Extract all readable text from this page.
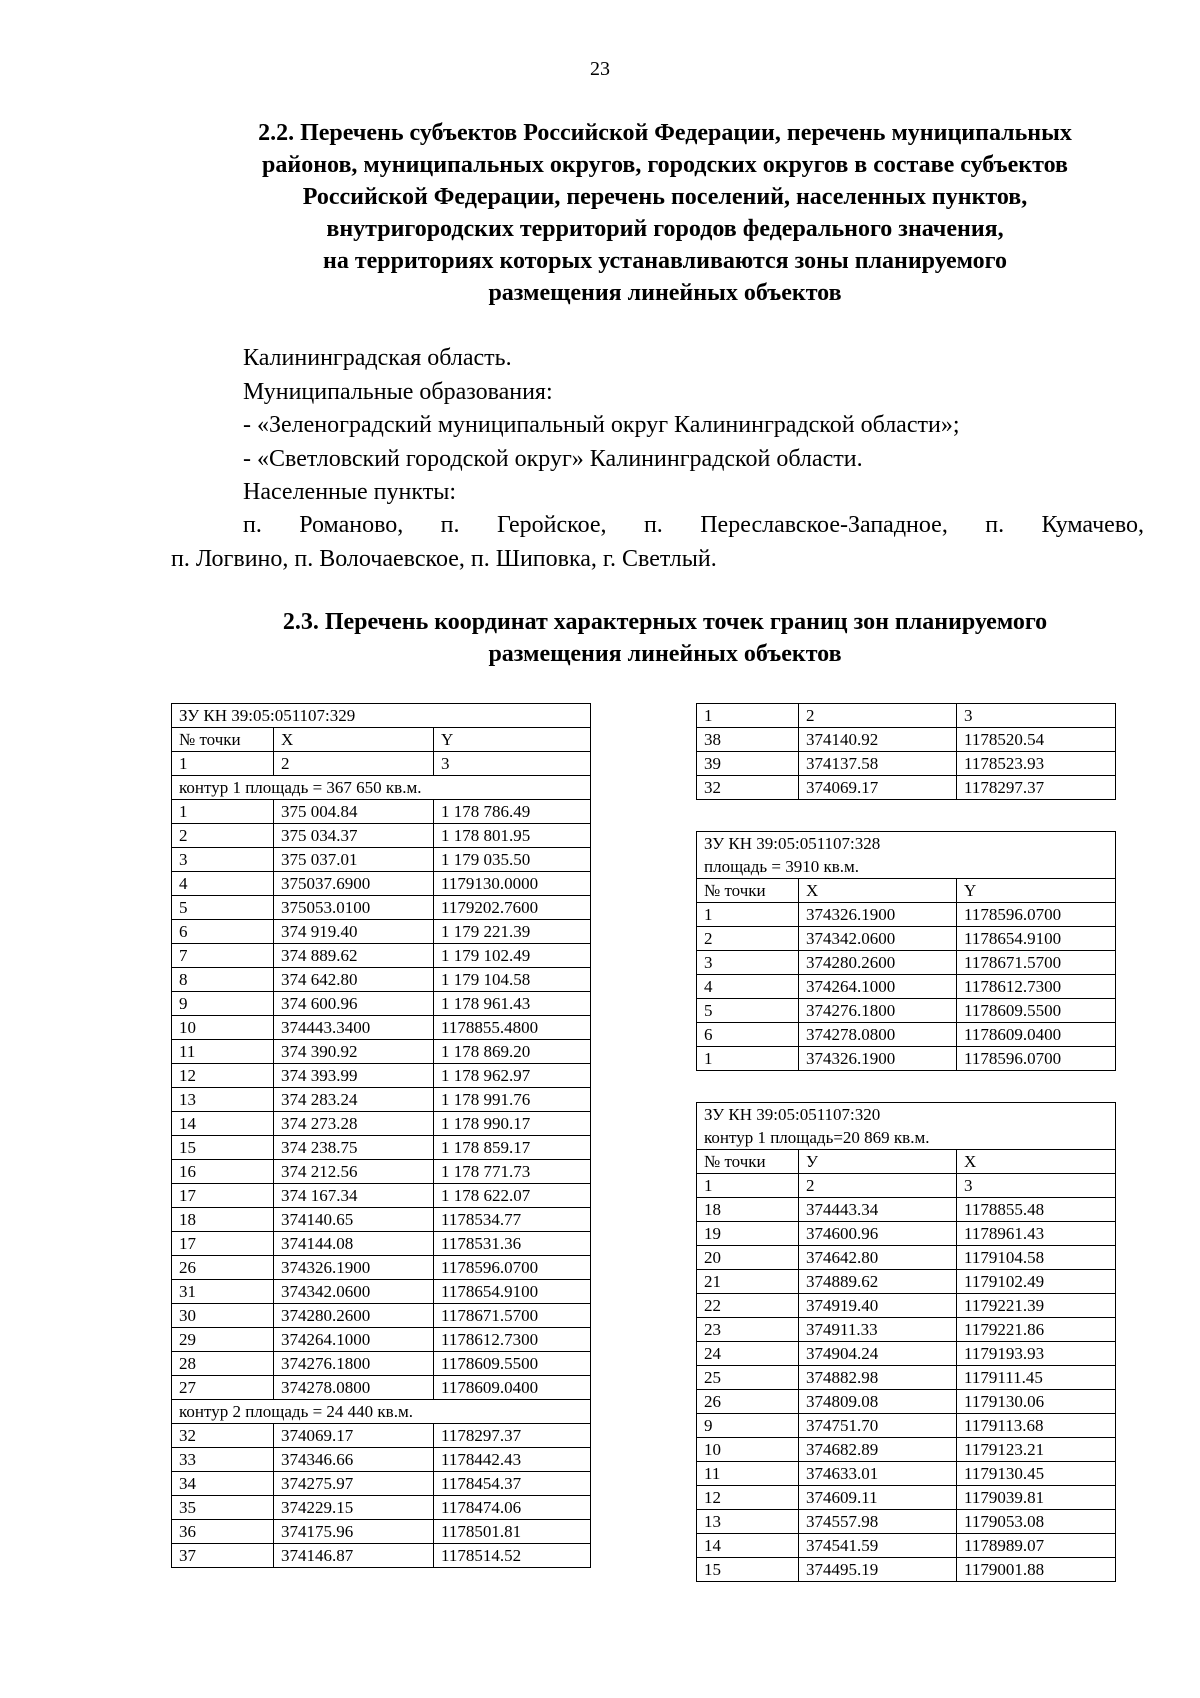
23
2.2. Перечень субъектов Российской Федерации, перечень муниципальных
районов, муниципальных округов, городских округов в составе субъектов
Российской Федерации, перечень поселений, населенных пунктов,
внутригородских территорий городов федерального значения,
на территориях которых устанавливаются зоны планируемого
размещения линейных объектов
Калининградская область.
Муниципальные образования:
- «Зеленоградский муниципальный округ Калининградской области»;
- «Светловский городской округ» Калининградской области.
Населенные пункты:
п. Романово, п. Геройское, п. Переславское-Западное, п. Кумачево,
п. Логвино, п. Волочаевское, п. Шиповка, г. Светлый.
2.3. Перечень координат характерных точек границ зон планируемого
размещения линейных объектов
ЗУ КН 39:05:051107:329		
№ точки	X	Y
1	2	3
контур 1 площадь = 367 650 кв.м.		
1	375 004.84	1 178 786.49
2	375 034.37	1 178 801.95
3	375 037.01	1 179 035.50
4	375037.6900	1179130.0000
5	375053.0100	1179202.7600
6	374 919.40	1 179 221.39
7	374 889.62	1 179 102.49
8	374 642.80	1 179 104.58
9	374 600.96	1 178 961.43
10	374443.3400	1178855.4800
11	374 390.92	1 178 869.20
12	374 393.99	1 178 962.97
13	374 283.24	1 178 991.76
14	374 273.28	1 178 990.17
15	374 238.75	1 178 859.17
16	374 212.56	1 178 771.73
17	374 167.34	1 178 622.07
18	374140.65	1178534.77
17	374144.08	1178531.36
26	374326.1900	1178596.0700
31	374342.0600	1178654.9100
30	374280.2600	1178671.5700
29	374264.1000	1178612.7300
28	374276.1800	1178609.5500
27	374278.0800	1178609.0400
контур 2 площадь = 24 440 кв.м.		
32	374069.17	1178297.37
33	374346.66	1178442.43
34	374275.97	1178454.37
35	374229.15	1178474.06
36	374175.96	1178501.81
37	374146.87	1178514.52
1	2	3
38	374140.92	1178520.54
39	374137.58	1178523.93
32	374069.17	1178297.37
ЗУ КН 39:05:051107:328
площадь = 3910 кв.м.		

№ точки	X	Y
1	374326.1900	1178596.0700
2	374342.0600	1178654.9100
3	374280.2600	1178671.5700
4	374264.1000	1178612.7300
5	374276.1800	1178609.5500
6	374278.0800	1178609.0400
1	374326.1900	1178596.0700
ЗУ КН 39:05:051107:320
контур 1 площадь=20 869 кв.м.		

№ точки	У	Х
1	2	3
18	374443.34	1178855.48
19	374600.96	1178961.43
20	374642.80	1179104.58
21	374889.62	1179102.49
22	374919.40	1179221.39
23	374911.33	1179221.86
24	374904.24	1179193.93
25	374882.98	1179111.45
26	374809.08	1179130.06
9	374751.70	1179113.68
10	374682.89	1179123.21
11	374633.01	1179130.45
12	374609.11	1179039.81
13	374557.98	1179053.08
14	374541.59	1178989.07
15	374495.19	1179001.88
